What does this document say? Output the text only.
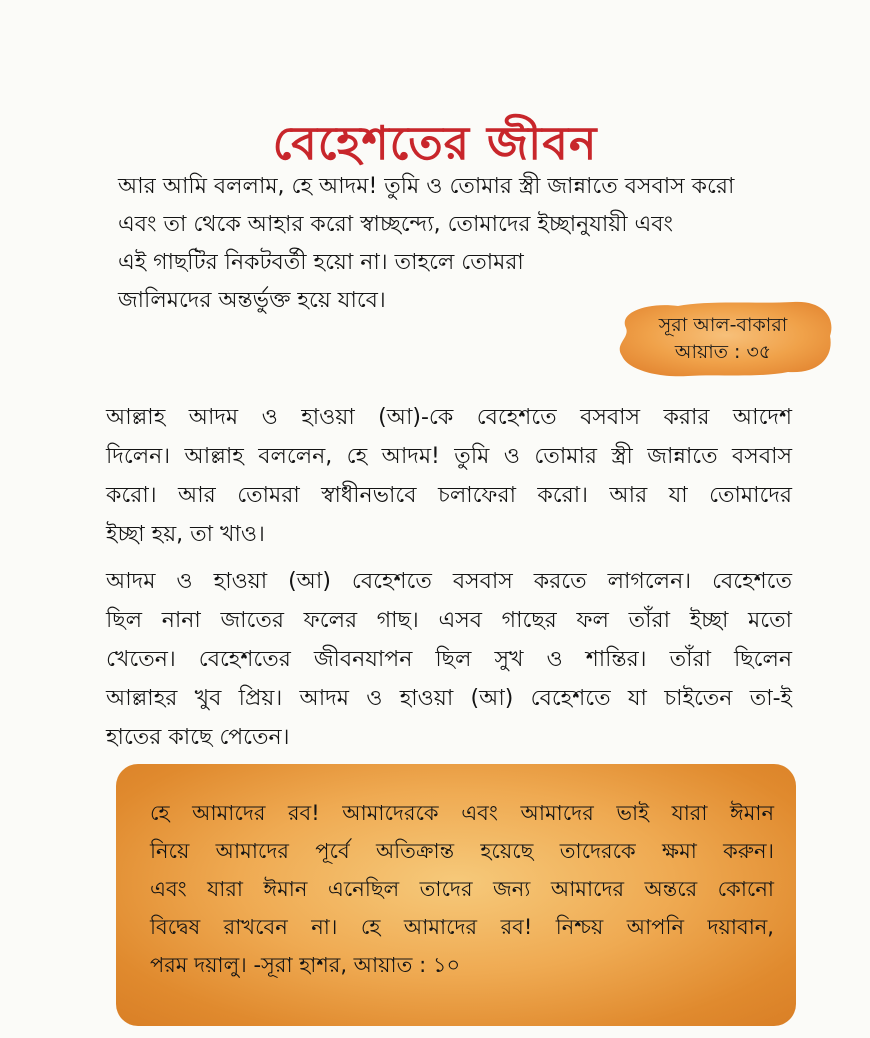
বেহেশতের জীবন
আর আমি বললাম, হে আদম! তুমি ও তোমার স্ত্রী জান্নাতে বসবাস করো
এবং তা থেকে আহার করো স্বাচ্ছন্দ্যে, তোমাদের ইচ্ছানুযায়ী এবং
এই গাছটির নিকটবর্তী হয়ো না। তাহলে তোমরা
জালিমদের অন্তর্ভুক্ত হয়ে যাবে।
সূরা আল-বাকারা
আয়াত : ৩৫
আল্লাহ আদম ও হাওয়া (আ)-কে বেহেশতে বসবাস করার আদেশ
দিলেন। আল্লাহ বললেন, হে আদম! তুমি ও তোমার স্ত্রী জান্নাতে বসবাস
করো। আর তোমরা স্বাধীনভাবে চলাফেরা করো। আর যা তোমাদের
ইচ্ছা হয়, তা খাও।
আদম ও হাওয়া (আ) বেহেশতে বসবাস করতে লাগলেন। বেহেশতে
ছিল নানা জাতের ফলের গাছ। এসব গাছের ফল তাঁরা ইচ্ছা মতো
খেতেন। বেহেশতের জীবনযাপন ছিল সুখ ও শান্তির। তাঁরা ছিলেন
আল্লাহর খুব প্রিয়। আদম ও হাওয়া (আ) বেহেশতে যা চাইতেন তা-ই
হাতের কাছে পেতেন।
হে আমাদের রব! আমাদেরকে এবং আমাদের ভাই যারা ঈমান
নিয়ে আমাদের পূর্বে অতিক্রান্ত হয়েছে তাদেরকে ক্ষমা করুন।
এবং যারা ঈমান এনেছিল তাদের জন্য আমাদের অন্তরে কোনো
বিদ্বেষ রাখবেন না। হে আমাদের রব! নিশ্চয় আপনি দয়াবান,
পরম দয়ালু। -সূরা হাশর, আয়াত : ১০
